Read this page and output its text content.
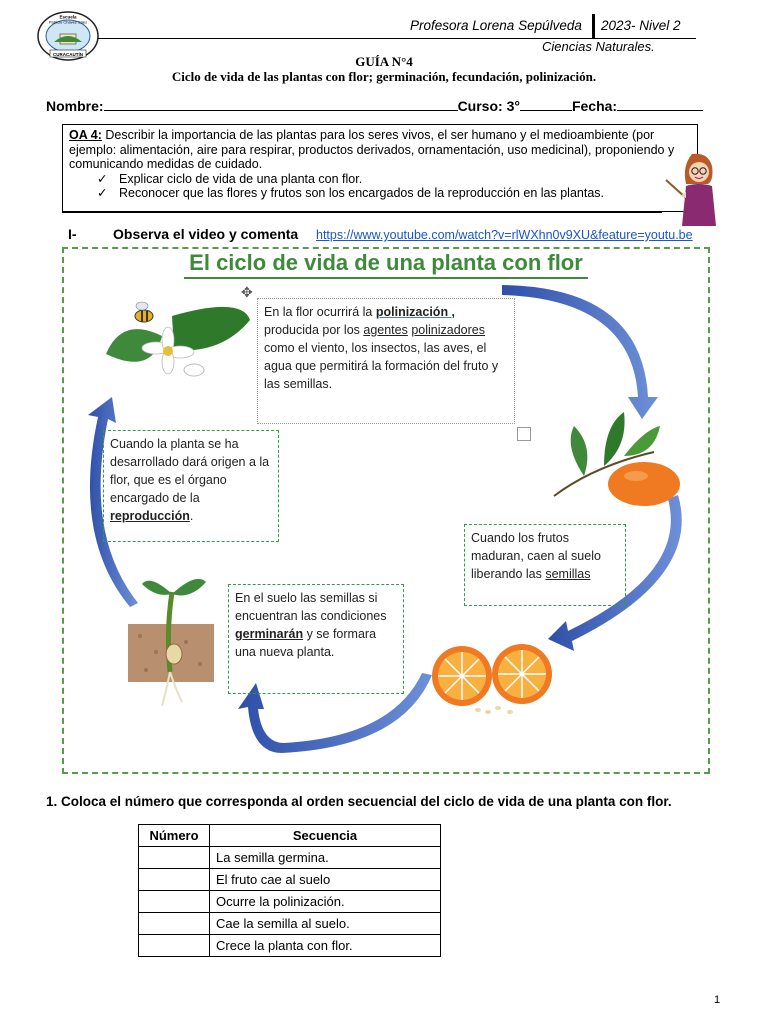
CURACAUTÍN
Escuela
Patricio Chávez Sáez	Profesora Lorena Sepúlveda 2023- Nivel 2
Ciencias Naturales.
GUÍA N°4
Ciclo de vida de las plantas con flor; germinación, fecundación, polinización.
Nombre:	Curso: 3°	Fecha:
OA 4: Describir la importancia de las plantas para los seres vivos, el ser humano y el medioambiente (por ejemplo: alimentación, aire para respirar, productos derivados, ornamentación, uso medicinal), proponiendo y comunicando medidas de cuidado.
✓ Explicar ciclo de vida de una planta con flor.
✓ Reconocer que las flores y frutos son los encargados de la reproducción en las plantas.
I-	Observa el video y comenta https://www.youtube.com/watch?v=rlWXhn0v9XU&feature=youtu.be
El ciclo de vida de una planta con flor
En la flor ocurrirá la polinización ,
producida por los agentes polinizadores como el viento, los insectos, las aves, el agua que permitirá la formación del fruto y las semillas.
✥
Cuando la planta se ha desarrollado dará origen a la flor, que es el órgano encargado de la reproducción.
Cuando los frutos maduran, caen al suelo liberando las semillas
En el suelo las semillas si encuentran las condiciones germinarán y se formara una nueva planta.
1. Coloca el número que corresponda al orden secuencial del ciclo de vida de una planta con flor.
Número	Secuencia
	La semilla germina.
	El fruto cae al suelo
	Ocurre la polinización.
	Cae la semilla al suelo.
	Crece la planta con flor.
1
